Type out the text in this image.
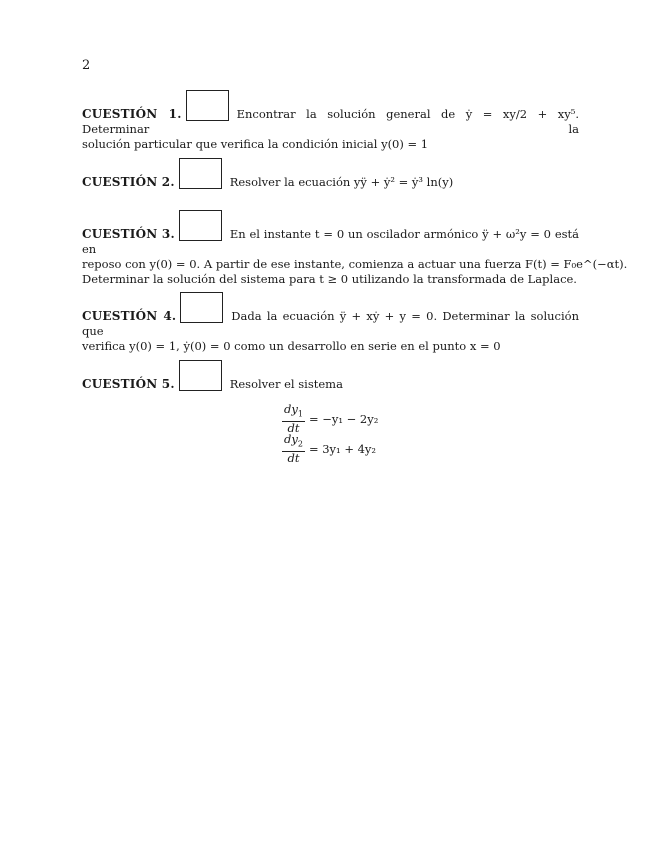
2
CUESTIÓN 1.	Encontrar la solución general de ẏ = xy/2 + xy⁵. Determinar la
solución particular que verifica la condición inicial y(0) = 1
CUESTIÓN 2.	Resolver la ecuación yÿ + ẏ² = ẏ³ ln(y)
CUESTIÓN 3.	En el instante t = 0 un oscilador armónico ÿ + ω²y = 0 está en
reposo con y(0) = 0. A partir de ese instante, comienza a actuar una fuerza F(t) = F₀e^(−αt).
Determinar la solución del sistema para t ≥ 0 utilizando la transformada de Laplace.
CUESTIÓN 4.	Dada la ecuación ÿ + xẏ + y = 0. Determinar la solución que
verifica y(0) = 1, ẏ(0) = 0 como un desarrollo en serie en el punto x = 0
CUESTIÓN 5.	Resolver el sistema
$\frac{dy_1}{dt} = -y_1 - 2y_2$
$\frac{dy_2}{dt} = 3y_1 + 4y_2$
